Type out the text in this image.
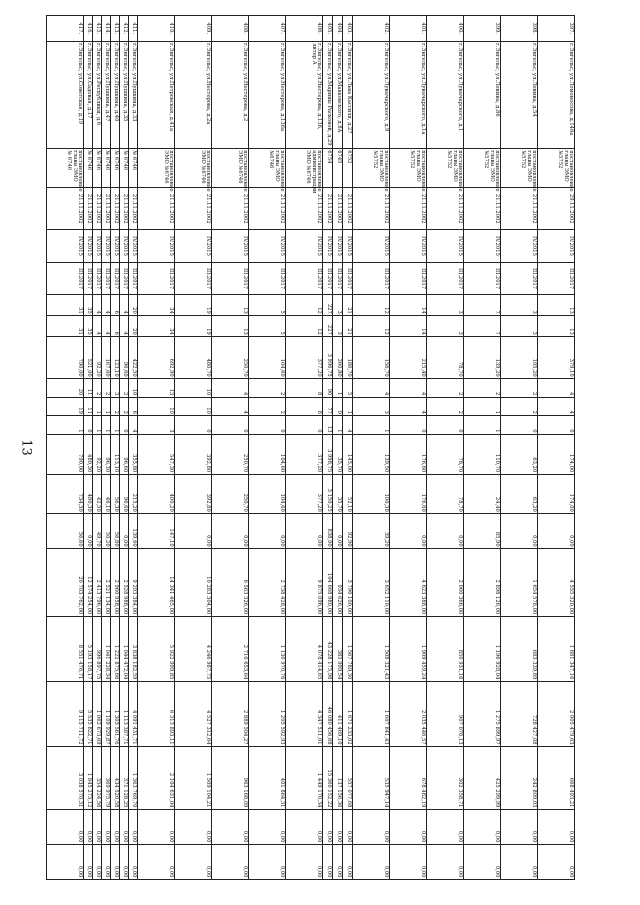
13
397.	г.Энгельс, ул.Ломоносова, д.146а	постановление главы ЭМО №5752	29.11.2002	IV.2015	III.2017	13	13	379,10	4	4	0	174,00	174,00	0,00	4 555 320,00	1 881 347,16	2 005 479,63	668 493,21	0,00	0,00
398.	г.Энгельс, ул.Ленина, д.54	постановление главы ЭМО №5752	21.11.2002	IV.2015	III.2017	3	3	105,20	2	2	0	63,20	63,20	0,00	1 654 578,00	683 339,89	728 427,08	242 809,03	0,00	0,00
399.	г.Энгельс, ул.Ленина, д.86	постановление главы ЭМО №5752	21.11.2002	IV.2015	III.2017	7	7	139,20	2	1	1	110,70	24,40	85,90	2 898 126,00	1 196 928,04	1 275 899,97	425 299,99	0,00	0,00
400.	г.Энгельс, ул.Луначарского, д.1	постановление главы ЭМО №5752	21.11.2002	IV.2015	III.2017	3	3	78,70	2	2	0	78,70	78,70	0,00	2 060 366,00	850 931,16	907 076,13	302 358,71	0,00	0,00
401.	г.Энгельс, ул.Луначарского, д.1а	постановление главы ЭМО №5752	21.11.2002	IV.2015	III.2017	14	14	215,40	4	4	0	176,60	176,60	0,00	4 623 388,00	1 909 459,24	2 035 446,57	678 482,19	0,00	0,00
402.	г.Энгельс, ул.Луначарского, д.9	постановление главы ЭМО №5752	21.11.2002	IV.2015	III.2017	12	12	156,70	4	3	1	139,50	100,30	39,20	3 652 110,00	1 508 321,43	1 607 841,43	535 947,14	0,00	0,00
403.	г.Энгельс, ул.Льва Кассиля, д.27	6752	21.11.2002	IV.2015	III.2017	21	21	186,70	5	1	4	145,00	52,10	92,90	3 796 100,00	1 567 789,30	1 671 233,02	557 077,68	0,00	0,00
404.	г.Энгельс, ул.Маяковского, д.8А	6745	21.11.2002	IV.2015	III.2017	3	3	260,80	1	0	1	35,70	35,70	0,00	934 626,00	385 999,54	411 469,10	137 156,36	0,00	0,00
405.	г.Энгельс, ул.Марины Расковой, д.29	6754	21.11.2002	IV.2015	III.2017	227	227	3 996,75	90	77	13	3 998,75	3 150,25	838,00	104 668 980,00	43 228 175,98	46 080 456,68	15 360 152,22	0,00	0,00
406.	г.Энгельс, ул.Нестерова, д.136, литер А	постановление администрации ЭМО №6746	21.11.2002	IV.2015	III.2017	12	12	377,20	8	8	0	377,20	377,20	0,00	9 875 096,00	4 078 414,65	4 347 511,01	1 449 170,34	0,00	0,00
407.	г.Энгельс, ул.Нестерова, д.136а	постановление главы ЭМО №6746	21.11.2002	IV.2015	III.2017	5	5	104,60	2	2	0	104,60	104,60	0,00	2 738 428,00	1 130 970,76	1 205 592,93	401 864,31	0,00	0,00
408.	г.Энгельс, ул.Нестерова, д.2	постановление ЭМО №6746	21.11.2002	IV.2015	III.2017	13	13	250,70	4	4	0	250,70	250,70	0,00	6 563 326,00	2 710 653,64	2 889 504,27	963 168,09	0,00	0,00
409.	г.Энгельс, ул.Нестерова, д.2а	постановление ЭМО №6746	21.11.2002	IV.2015	III.2017	19	19	480,70	10	10	0	392,80	392,80	0,00	10 283 304,00	4 246 987,75	4 527 312,64	1 509 104,21	0,00	0,00
410.	г.Энгельс, ул.Петровская, д.41а	постановление ЭМО №6746	21.11.2002	IV.2015	III.2017	34	34	692,90	13	10	3	547,30	400,20	147,10	14 341 465,00	5 922 999,85	6 313 893,11	2 104 631,04	0,00	0,00
411.	г.Энгельс, ул.Пушкина, д.33	№ 6746	21.11.2002	IV.2015	III.2017	20	20	422,50	10	6	4	355,80	215,20	139,60	9 293 384,00	3 838 182,59	4 091 431,71	1 363 769,70	0,00	0,00
412.	г.Энгельс, ул.Пушкина, д.35	№ 6746	21.11.2002	IV.2015	III.2017	4	4	96,60	2	2	0	96,60	96,60	0,00	2 528 988,00	1 044 472,04	1 113 387,71	371 128,25	0,00	0,00
413.	г.Энгельс, ул.Пушкина, д.40	№ 6746	21.11.2002	IV.2015	III.2017	6	6	123,10	3	2	1	113,10	56,30	56,80	2 960 958,00	1 222 875,66	1 303 561,76	434 520,58	0,00	0,00
414.	г.Энгельс, ул.Пушкина, д.47	№ 6746	21.11.2002	IV.2015	III.2017	4	4	167,60	2	1	1	96,30	46,10	50,20	2 521 134,00	1 041 228,34	1 109 929,87	369 975,79	0,00	0,00
415.	г.Энгельс, ул.Республики, д.6	№ 6746	21.11.2002	IV.2015	III.2017	4	4	92,20	2	1	1	92,20	42,50	49,70	2 413 796,00	996 897,75	1 062 673,69	354 224,56	0,00	0,00
416.	г.Энгельс, ул.Садовая, д.17	№ 6746	21.11.2002	IV.2015	III.2017	35	35	521,00	11	11	0	480,30	480,30	0,00	12 574 254,00	5 193 158,17	5 535 822,71	1 845 273,12	0,00	0,00
417.	г.Энгельс, ул.Советская, д.19	постановление главы ЭМО № 6746	21.11.2002	IV.2015	III.2017	31	31	790,00	20	19	1	790,00	734,30	56,60	20 703 762,00	8 551 476,71	9 115 711,72	3 038 570,31	0,00	0,00
